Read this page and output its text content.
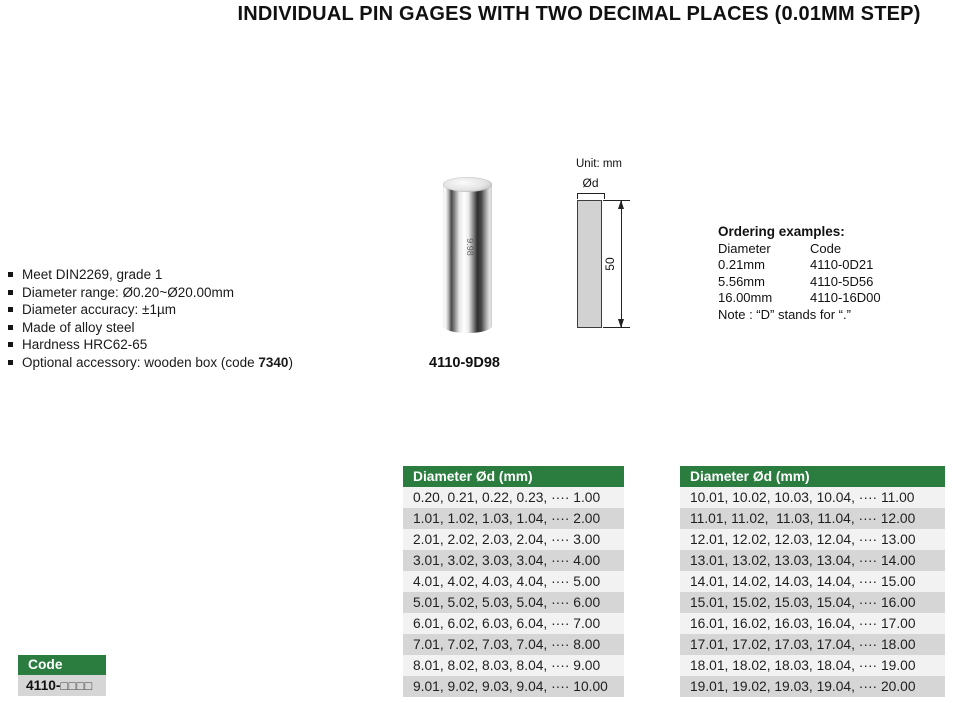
INDIVIDUAL PIN GAGES WITH TWO DECIMAL PLACES (0.01MM STEP)
Meet DIN2269, grade 1
Diameter range: Ø0.20~Ø20.00mm
Diameter accuracy: ±1µm
Made of alloy steel
Hardness HRC62-65
Optional accessory: wooden box (code 7340)
9.98
4110-9D98
Unit: mm
Ød
50
Ordering examples:
Diameter	Code
0.21mm	4110-0D21
5.56mm	4110-5D56
16.00mm	4110-16D00
Note : “D” stands for “.”
Diameter Ød (mm)
0.20, 0.21, 0.22, 0.23, ···· 1.00
1.01, 1.02, 1.03, 1.04, ···· 2.00
2.01, 2.02, 2.03, 2.04, ···· 3.00
3.01, 3.02, 3.03, 3.04, ···· 4.00
4.01, 4.02, 4.03, 4.04, ···· 5.00
5.01, 5.02, 5.03, 5.04, ···· 6.00
6.01, 6.02, 6.03, 6.04, ···· 7.00
7.01, 7.02, 7.03, 7.04, ···· 8.00
8.01, 8.02, 8.03, 8.04, ···· 9.00
9.01, 9.02, 9.03, 9.04, ···· 10.00
Diameter Ød (mm)
10.01, 10.02, 10.03, 10.04, ···· 11.00
11.01, 11.02,  11.03, 11.04, ···· 12.00
12.01, 12.02, 12.03, 12.04, ···· 13.00
13.01, 13.02, 13.03, 13.04, ···· 14.00
14.01, 14.02, 14.03, 14.04, ···· 15.00
15.01, 15.02, 15.03, 15.04, ···· 16.00
16.01, 16.02, 16.03, 16.04, ···· 17.00
17.01, 17.02, 17.03, 17.04, ···· 18.00
18.01, 18.02, 18.03, 18.04, ···· 19.00
19.01, 19.02, 19.03, 19.04, ···· 20.00
Code
4110-□□□□
